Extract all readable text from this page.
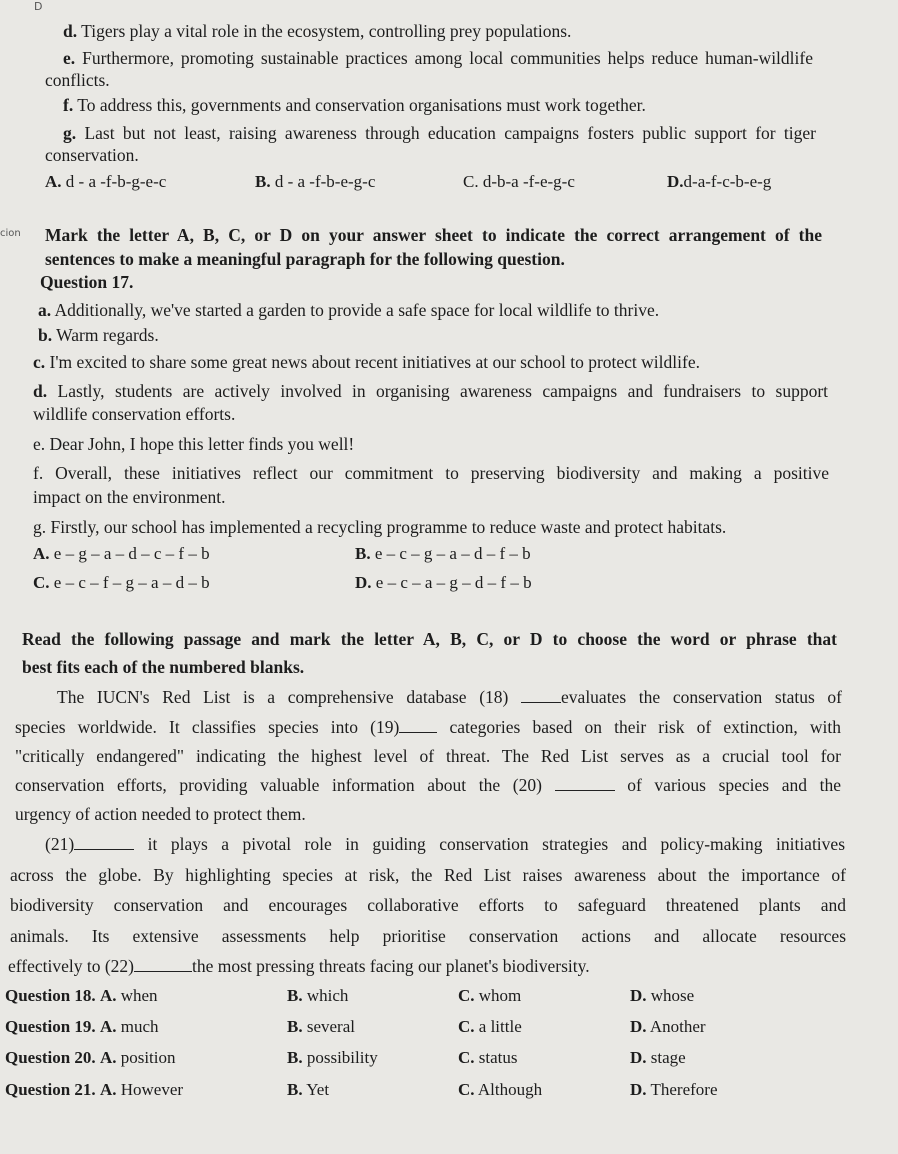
D
cion
d. Tigers play a vital role in the ecosystem, controlling prey populations.
e. Furthermore, promoting sustainable practices among local communities helps reduce human-wildlife
conflicts.
f. To address this, governments and conservation organisations must work together.
g. Last but not least, raising awareness through education campaigns fosters public support for tiger
conservation.
A. d - a -f-b-g-e-c	B. d - a -f-b-e-g-c	C. d-b-a -f-e-g-c	D.d-a-f-c-b-e-g
Mark the letter A, B, C, or D on your answer sheet to indicate the correct arrangement of the
sentences to make a meaningful paragraph for the following question.
Question 17.
a. Additionally, we've started a garden to provide a safe space for local wildlife to thrive.
b. Warm regards.
c. I'm excited to share some great news about recent initiatives at our school to protect wildlife.
d. Lastly, students are actively involved in organising awareness campaigns and fundraisers to support
wildlife conservation efforts.
e. Dear John, I hope this letter finds you well!
f. Overall, these initiatives reflect our commitment to preserving biodiversity and making a positive
impact on the environment.
g. Firstly, our school has implemented a recycling programme to reduce waste and protect habitats.
A. e – g – a – d – c – f – b	B. e – c – g – a – d – f – b
C. e – c – f – g – a – d – b	D. e – c – a – g – d – f – b
Read the following passage and mark the letter A, B, C, or D to choose the word or phrase that
best fits each of the numbered blanks.
The IUCN's Red List is a comprehensive database (18)	evaluates the conservation status of
species worldwide. It classifies species into (19)	categories based on their risk of extinction, with
"critically endangered" indicating the highest level of threat. The Red List serves as a crucial tool for
conservation efforts, providing valuable information about the (20)	of various species and the
urgency of action needed to protect them.
(21)	it plays a pivotal role in guiding conservation strategies and policy-making initiatives
across the globe. By highlighting species at risk, the Red List raises awareness about the importance of
biodiversity conservation and encourages collaborative efforts to safeguard threatened plants and
animals. Its extensive assessments help prioritise conservation actions and allocate resources
effectively to (22)	the most pressing threats facing our planet's biodiversity.
Question 18. A. when	B. which	C. whom	D. whose
Question 19. A. much	B. several	C. a little	D. Another
Question 20. A. position	B. possibility	C. status	D. stage
Question 21. A. However	B. Yet	C. Although	D. Therefore
